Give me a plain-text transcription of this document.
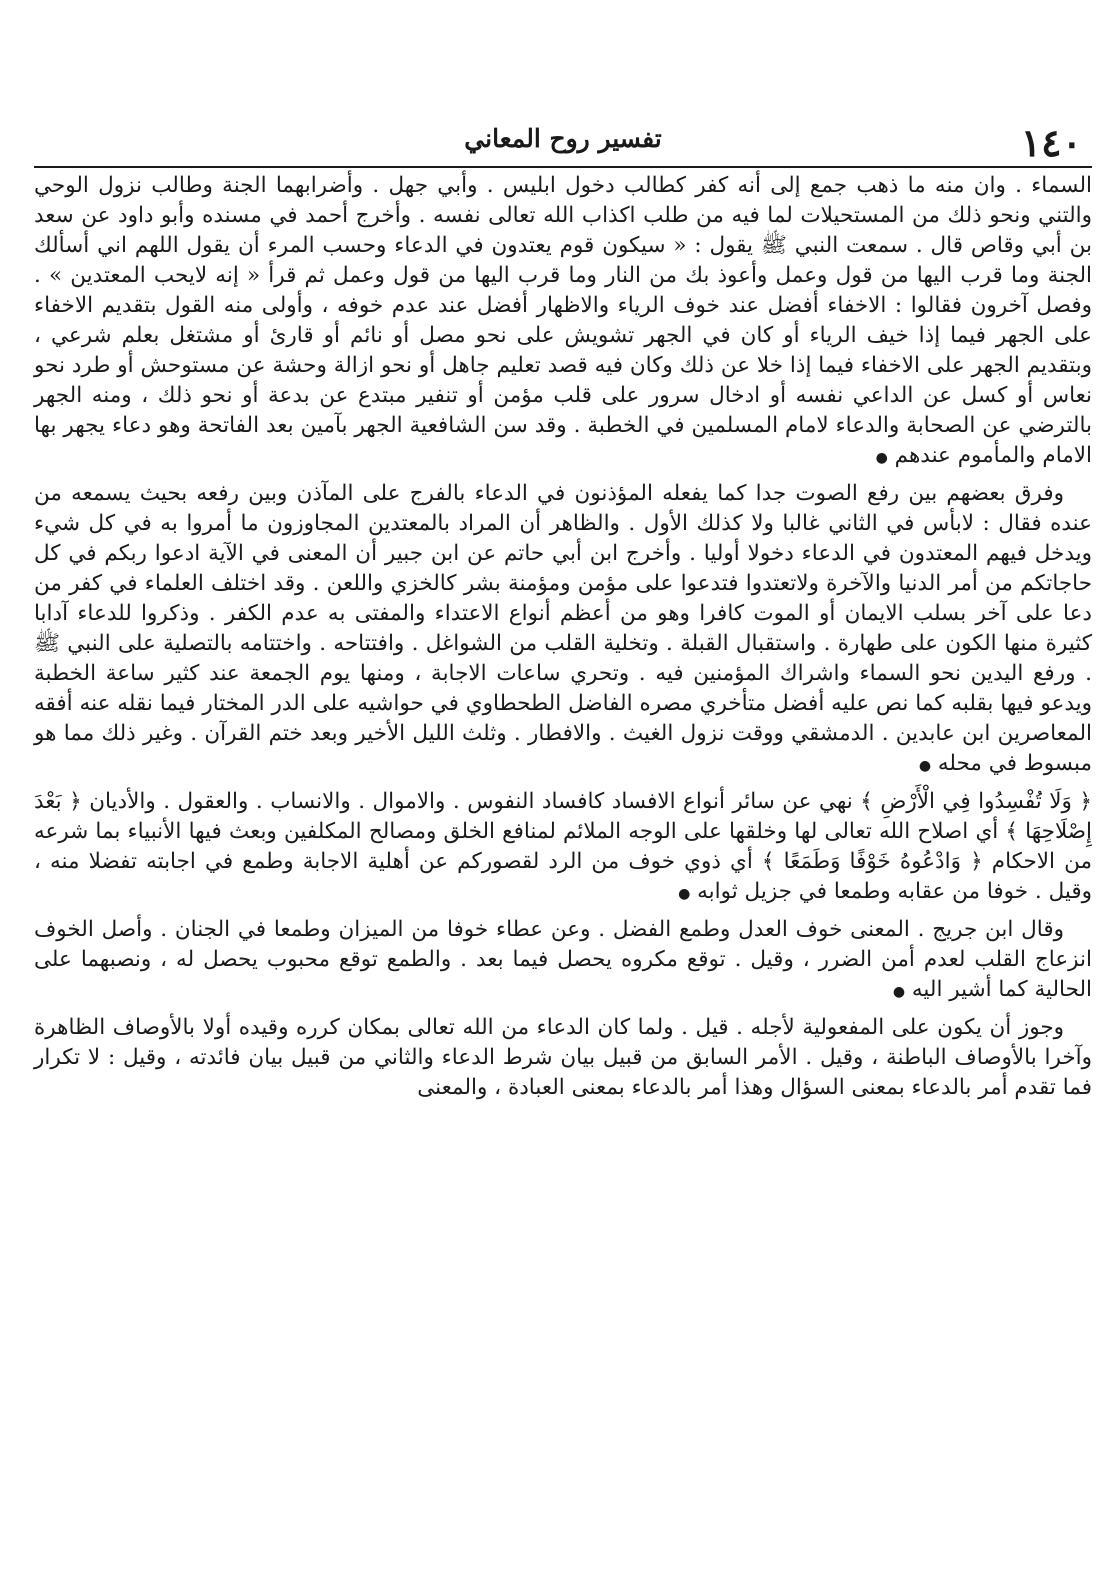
١٤٠
تفسير روح المعاني

السماء . وان منه ما ذهب جمع إلى أنه كفر كطالب دخول ابليس . وأبي جهل . وأضرابهما الجنة وطالب نزول الوحي والتني ونحو ذلك من المستحيلات لما فيه من طلب اكذاب الله تعالى نفسه . وأخرج أحمد في مسنده وأبو داود عن سعد بن أبي وقاص قال . سمعت النبي ﷺ يقول : « سيكون قوم يعتدون في الدعاء وحسب المرء أن يقول اللهم اني أسألك الجنة وما قرب اليها من قول وعمل وأعوذ بك من النار وما قرب اليها من قول وعمل ثم قرأ « إنه لايحب المعتدين » . وفصل آخرون فقالوا : الاخفاء أفضل عند خوف الرياء والاظهار أفضل عند عدم خوفه ، وأولى منه القول بتقديم الاخفاء على الجهر فيما إذا خيف الرياء أو كان في الجهر تشويش على نحو مصل أو نائم أو قارئ أو مشتغل بعلم شرعي ، وبتقديم الجهر على الاخفاء فيما إذا خلا عن ذلك وكان فيه قصد تعليم جاهل أو نحو ازالة وحشة عن مستوحش أو طرد نحو نعاس أو كسل عن الداعي نفسه أو ادخال سرور على قلب مؤمن أو تنفير مبتدع عن بدعة أو نحو ذلك ، ومنه الجهر بالترضي عن الصحابة والدعاء لامام المسلمين في الخطبة . وقد سن الشافعية الجهر بآمين بعد الفاتحة وهو دعاء يجهر بها الامام والمأموم عندهم ●

وفرق بعضهم بين رفع الصوت جدا كما يفعله المؤذنون في الدعاء بالفرج على المآذن وبين رفعه بحيث يسمعه من عنده فقال : لابأس في الثاني غالبا ولا كذلك الأول . والظاهر أن المراد بالمعتدين المجاوزون ما أمروا به في كل شيء ويدخل فيهم المعتدون في الدعاء دخولا أوليا . وأخرج ابن أبي حاتم عن ابن جبير أن المعنى في الآية ادعوا ربكم في كل حاجاتكم من أمر الدنيا والآخرة ولاتعتدوا فتدعوا على مؤمن ومؤمنة بشر كالخزي واللعن . وقد اختلف العلماء في كفر من دعا على آخر بسلب الايمان أو الموت كافرا وهو من أعظم أنواع الاعتداء والمفتى به عدم الكفر . وذكروا للدعاء آدابا كثيرة منها الكون على طهارة . واستقبال القبلة . وتخلية القلب من الشواغل . وافتتاحه . واختتامه بالتصلية على النبي ﷺ . ورفع اليدين نحو السماء واشراك المؤمنين فيه . وتحري ساعات الاجابة ، ومنها يوم الجمعة عند كثير ساعة الخطبة ويدعو فيها بقلبه كما نص عليه أفضل متأخري مصره الفاضل الطحطاوي في حواشيه على الدر المختار فيما نقله عنه أفقه المعاصرين ابن عابدين . الدمشقي ووقت نزول الغيث . والافطار . وثلث الليل الأخير وبعد ختم القرآن . وغير ذلك مما هو مبسوط في محله ●

﴿ وَلَا تُفْسِدُوا فِي الْأَرْضِ ﴾ نهي عن سائر أنواع الافساد كافساد النفوس . والاموال . والانساب . والعقول . والأديان ﴿ بَعْدَ إِصْلَاحِهَا ﴾ أي اصلاح الله تعالى لها وخلقها على الوجه الملائم لمنافع الخلق ومصالح المكلفين وبعث فيها الأنبياء بما شرعه من الاحكام ﴿ وَادْعُوهُ خَوْفًا وَطَمَعًا ﴾ أي ذوي خوف من الرد لقصوركم عن أهلية الاجابة وطمع في اجابته تفضلا منه ، وقيل . خوفا من عقابه وطمعا في جزيل ثوابه ●

وقال ابن جريج . المعنى خوف العدل وطمع الفضل . وعن عطاء خوفا من الميزان وطمعا في الجنان . وأصل الخوف انزعاج القلب لعدم أمن الضرر ، وقيل . توقع مكروه يحصل فيما بعد . والطمع توقع محبوب يحصل له ، ونصبهما على الحالية كما أشير اليه ●

وجوز أن يكون على المفعولية لأجله . قيل . ولما كان الدعاء من الله تعالى بمكان كرره وقيده أولا بالأوصاف الظاهرة وآخرا بالأوصاف الباطنة ، وقيل . الأمر السابق من قبيل بيان شرط الدعاء والثاني من قبيل بيان فائدته ، وقيل : لا تكرار فما تقدم أمر بالدعاء بمعنى السؤال وهذا أمر بالدعاء بمعنى العبادة ، والمعنى
